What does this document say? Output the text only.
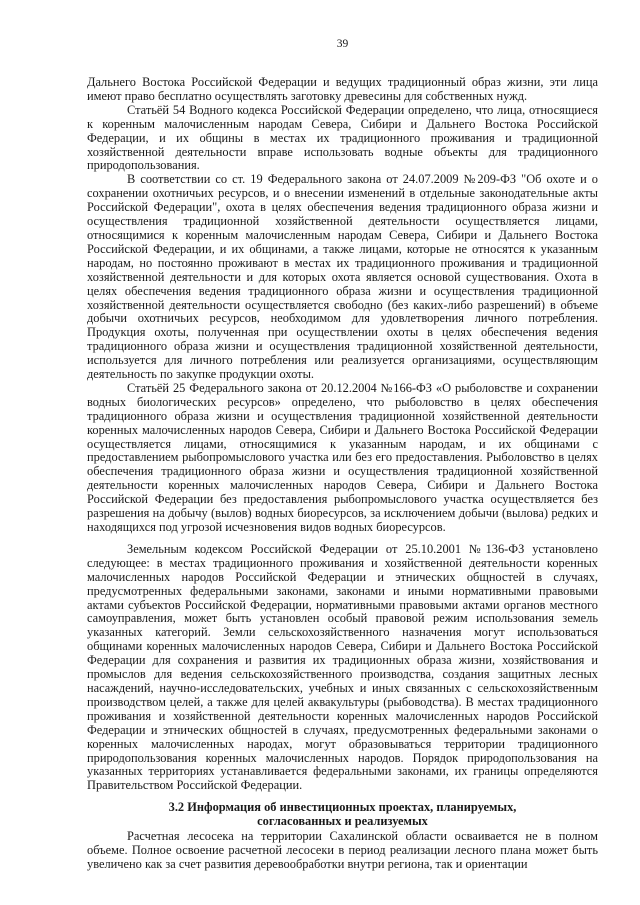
39

Дальнего Востока Российской Федерации и ведущих традиционный образ жизни, эти лица имеют право бесплатно осуществлять заготовку древесины для собственных нужд.

Статьёй 54 Водного кодекса Российской Федерации определено, что лица, относящиеся к коренным малочисленным народам Севера, Сибири и Дальнего Востока Российской Федерации, и их общины в местах их традиционного проживания и традиционной хозяйственной деятельности вправе использовать водные объекты для традиционного природопользования.

В соответствии со ст. 19 Федерального закона от 24.07.2009 №209-ФЗ "Об охоте и о сохранении охотничьих ресурсов, и о внесении изменений в отдельные законодательные акты Российской Федерации", охота в целях обеспечения ведения традиционного образа жизни и осуществления традиционной хозяйственной деятельности осуществляется лицами, относящимися к коренным малочисленным народам Севера, Сибири и Дальнего Востока Российской Федерации, и их общинами, а также лицами, которые не относятся к указанным народам, но постоянно проживают в местах их традиционного проживания и традиционной хозяйственной деятельности и для которых охота является основой существования. Охота в целях обеспечения ведения традиционного образа жизни и осуществления традиционной хозяйственной деятельности осуществляется свободно (без каких-либо разрешений) в объеме добычи охотничьих ресурсов, необходимом для удовлетворения личного потребления. Продукция охоты, полученная при осуществлении охоты в целях обеспечения ведения традиционного образа жизни и осуществления традиционной хозяйственной деятельности, используется для личного потребления или реализуется организациями, осуществляющим деятельность по закупке продукции охоты.

Статьёй 25 Федерального закона от 20.12.2004 №166-ФЗ «О рыболовстве и сохранении водных биологических ресурсов» определено, что рыболовство в целях обеспечения традиционного образа жизни и осуществления традиционной хозяйственной деятельности коренных малочисленных народов Севера, Сибири и Дальнего Востока Российской Федерации осуществляется лицами, относящимися к указанным народам, и их общинами с предоставлением рыбопромыслового участка или без его предоставления. Рыболовство в целях обеспечения традиционного образа жизни и осуществления традиционной хозяйственной деятельности коренных малочисленных народов Севера, Сибири и Дальнего Востока Российской Федерации без предоставления рыбопромыслового участка осуществляется без разрешения на добычу (вылов) водных биоресурсов, за исключением добычи (вылова) редких и находящихся под угрозой исчезновения видов водных биоресурсов.

Земельным кодексом Российской Федерации от 25.10.2001 №136-ФЗ установлено следующее: в местах традиционного проживания и хозяйственной деятельности коренных малочисленных народов Российской Федерации и этнических общностей в случаях, предусмотренных федеральными законами, законами и иными нормативными правовыми актами субъектов Российской Федерации, нормативными правовыми актами органов местного самоуправления, может быть установлен особый правовой режим использования земель указанных категорий. Земли сельскохозяйственного назначения могут использоваться общинами коренных малочисленных народов Севера, Сибири и Дальнего Востока Российской Федерации для сохранения и развития их традиционных образа жизни, хозяйствования и промыслов для ведения сельскохозяйственного производства, создания защитных лесных насаждений, научно-исследовательских, учебных и иных связанных с сельскохозяйственным производством целей, а также для целей аквакультуры (рыбоводства). В местах традиционного проживания и хозяйственной деятельности коренных малочисленных народов Российской Федерации и этнических общностей в случаях, предусмотренных федеральными законами о коренных малочисленных народах, могут образовываться территории традиционного природопользования коренных малочисленных народов. Порядок природопользования на указанных территориях устанавливается федеральными законами, их границы определяются Правительством Российской Федерации.

3.2 Информация об инвестиционных проектах, планируемых,
согласованных и реализуемых

Расчетная лесосека на территории Сахалинской области осваивается не в полном объеме. Полное освоение расчетной лесосеки в период реализации лесного плана может быть увеличено как за счет развития деревообработки внутри региона, так и ориентации
